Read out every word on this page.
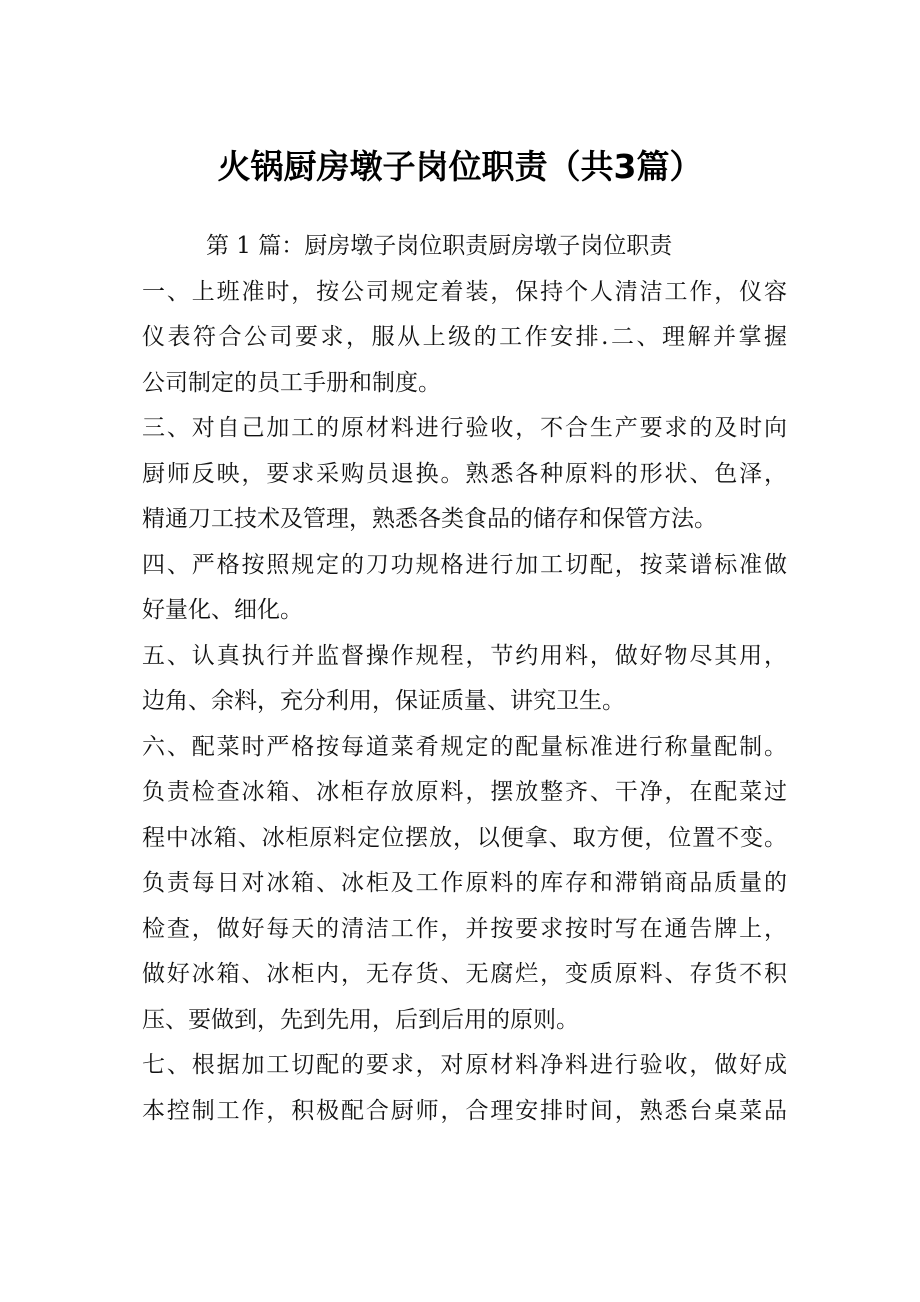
火锅厨房墩子岗位职责（共3篇）
第 1 篇：厨房墩子岗位职责厨房墩子岗位职责
一、上班准时，按公司规定着装，保持个人清洁工作，仪容
仪表符合公司要求，服从上级的工作安排.二、理解并掌握
公司制定的员工手册和制度。
三、对自己加工的原材料进行验收，不合生产要求的及时向
厨师反映，要求采购员退换。熟悉各种原料的形状、色泽，
精通刀工技术及管理，熟悉各类食品的储存和保管方法。
四、严格按照规定的刀功规格进行加工切配，按菜谱标准做
好量化、细化。
五、认真执行并监督操作规程，节约用料，做好物尽其用，
边角、余料，充分利用，保证质量、讲究卫生。
六、配菜时严格按每道菜肴规定的配量标准进行称量配制。
负责检查冰箱、冰柜存放原料，摆放整齐、干净，在配菜过
程中冰箱、冰柜原料定位摆放，以便拿、取方便，位置不变。
负责每日对冰箱、冰柜及工作原料的库存和滞销商品质量的
检查，做好每天的清洁工作，并按要求按时写在通告牌上，
做好冰箱、冰柜内，无存货、无腐烂，变质原料、存货不积
压、要做到，先到先用，后到后用的原则。
七、根据加工切配的要求，对原材料净料进行验收，做好成
本控制工作，积极配合厨师，合理安排时间，熟悉台桌菜品
